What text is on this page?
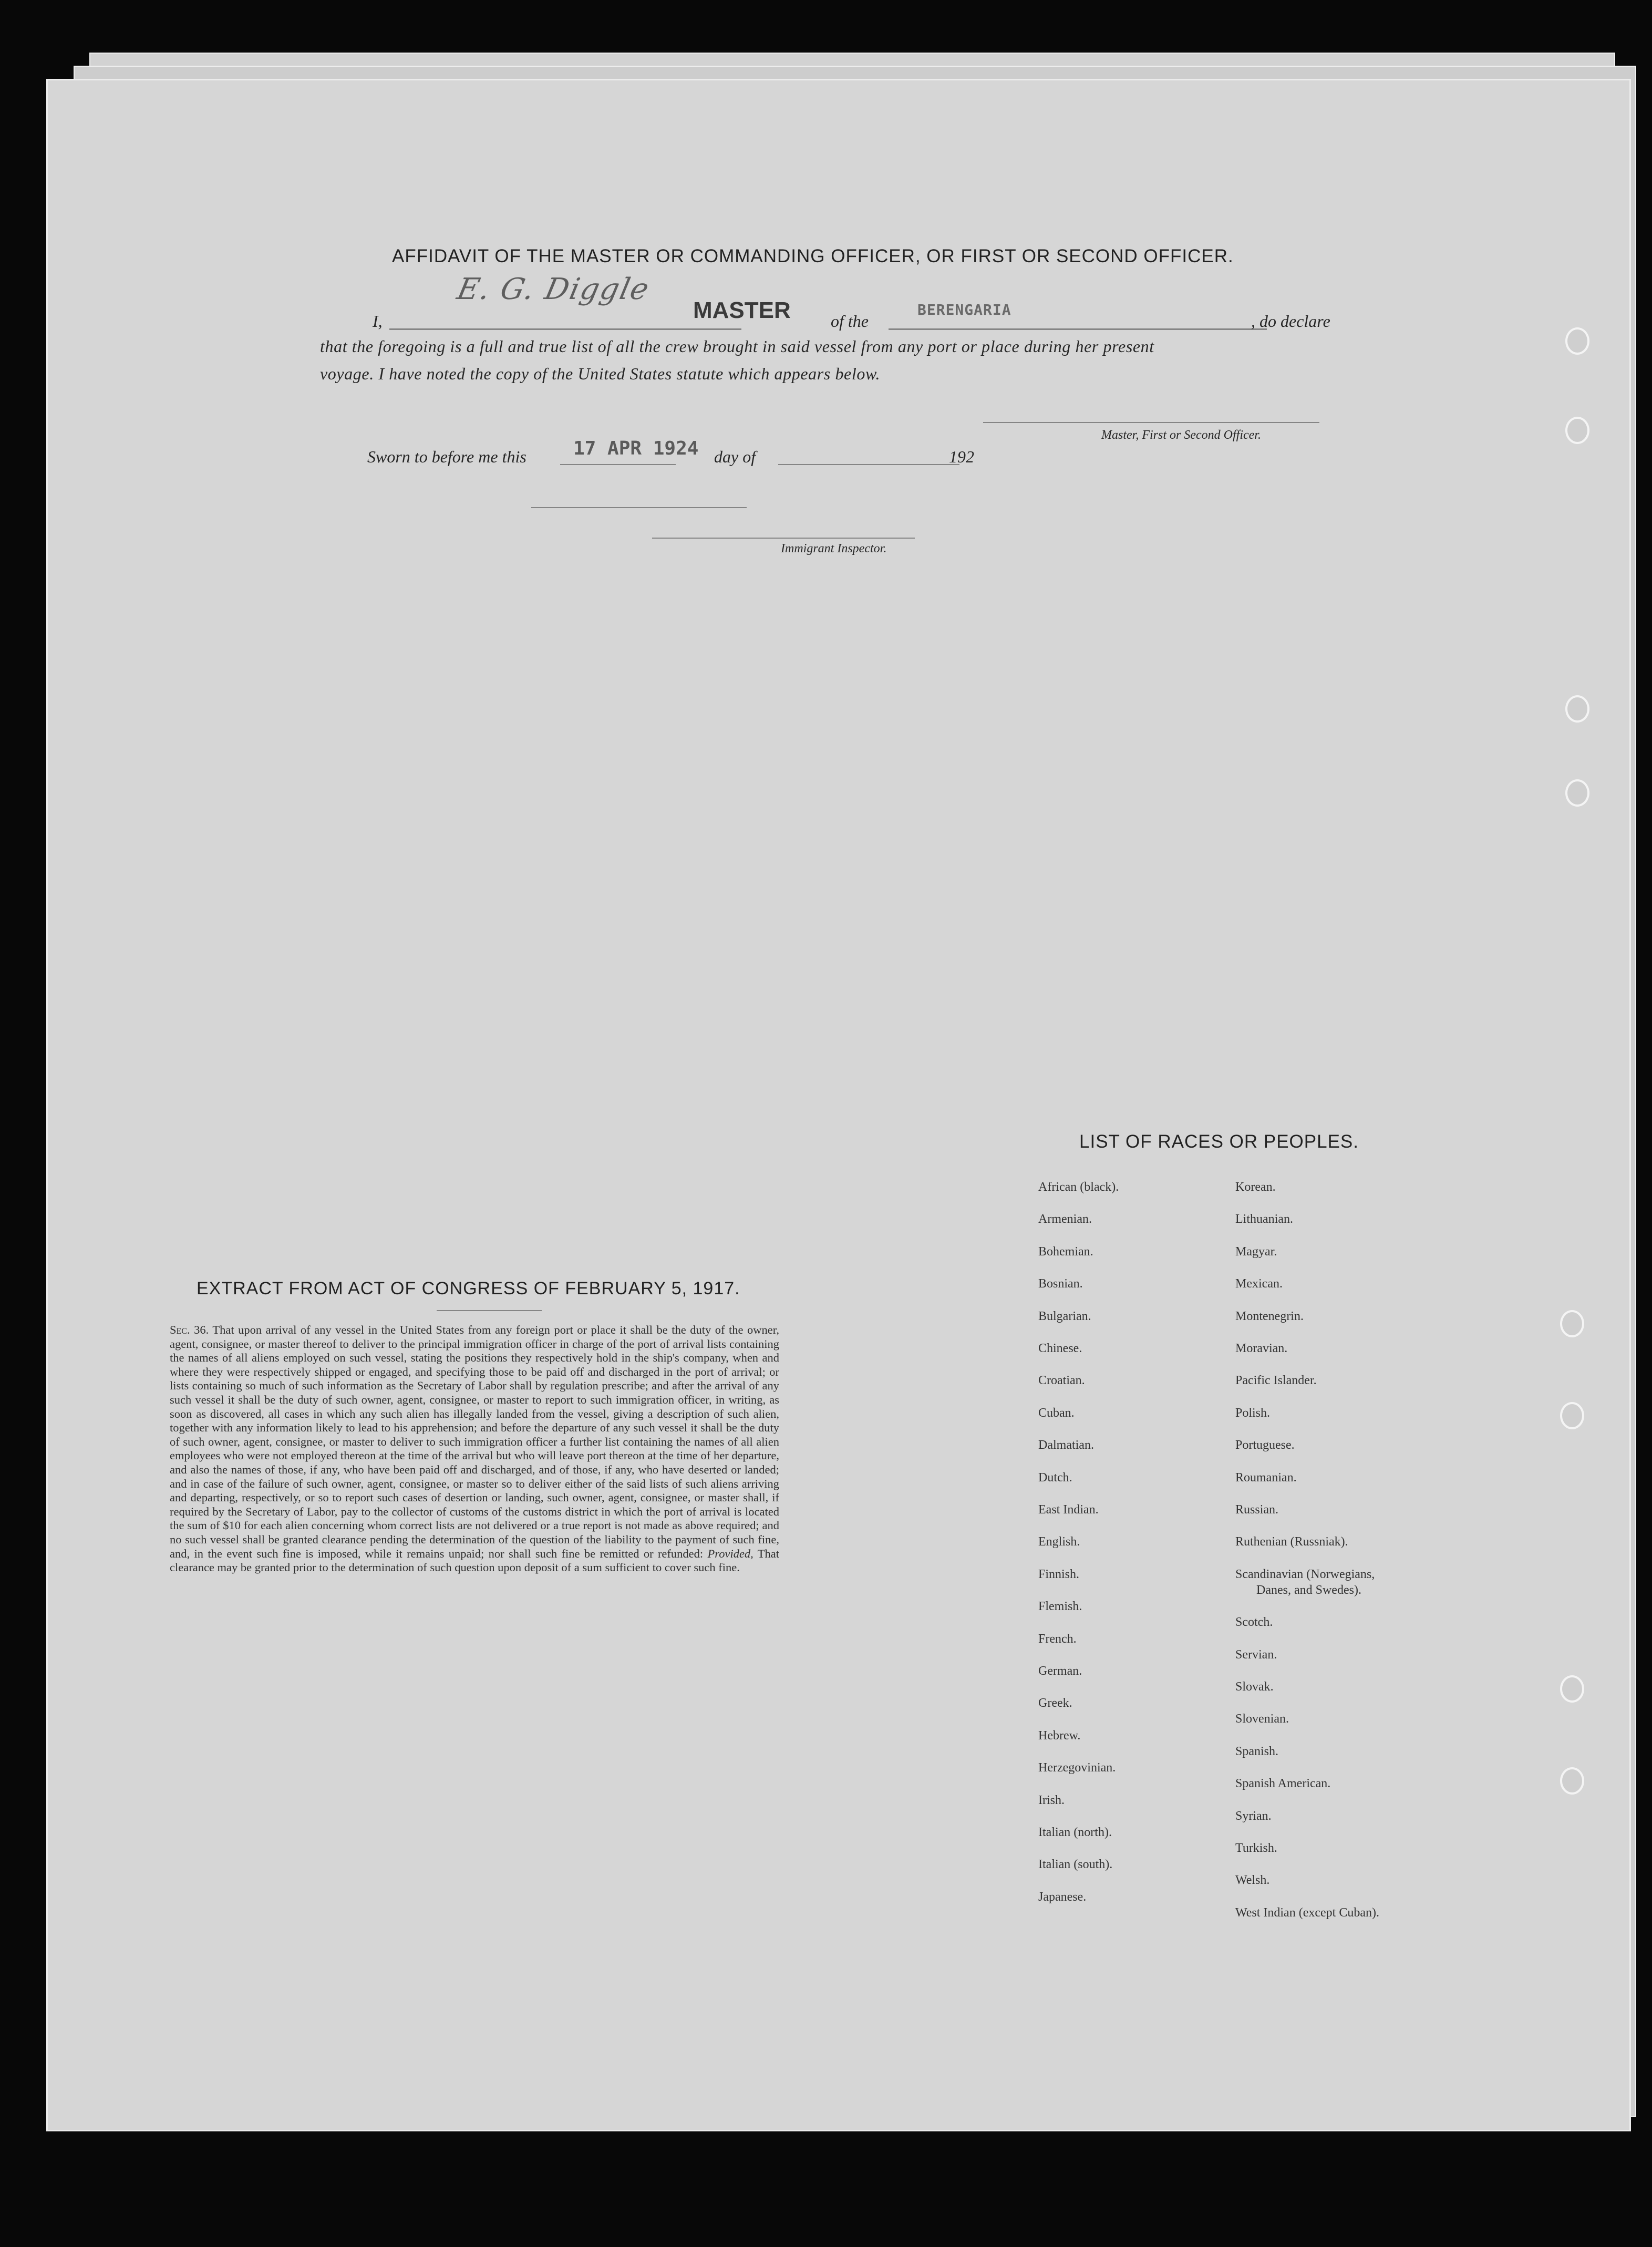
AFFIDAVIT OF THE MASTER OR COMMANDING OFFICER, OR FIRST OR SECOND OFFICER.
I,
E. G. Diggle
MASTER of the
BERENGARIA
, do declare
that the foregoing is a full and true list of all the crew brought in said vessel from any port or place during her present
voyage. I have noted the copy of the United States statute which appears below.
Master, First or Second Officer.
Sworn to before me this 17 APR 1924 day of	192
Immigrant Inspector.
EXTRACT FROM ACT OF CONGRESS OF FEBRUARY 5, 1917.
Sec. 36. That upon arrival of any vessel in the United States from any foreign port or place it shall be the duty of the owner, agent, consignee, or master thereof to deliver to the principal immigration officer in charge of the port of arrival lists containing the names of all aliens employed on such vessel, stating the positions they respectively hold in the ship's company, when and where they were respectively shipped or engaged, and specifying those to be paid off and discharged in the port of arrival; or lists containing so much of such information as the Secretary of Labor shall by regulation prescribe; and after the arrival of any such vessel it shall be the duty of such owner, agent, consignee, or master to report to such immigration officer, in writing, as soon as discovered, all cases in which any such alien has illegally landed from the vessel, giving a description of such alien, together with any information likely to lead to his apprehension; and before the departure of any such vessel it shall be the duty of such owner, agent, consignee, or master to deliver to such immigration officer a further list containing the names of all alien employees who were not employed thereon at the time of the arrival but who will leave port thereon at the time of her departure, and also the names of those, if any, who have been paid off and discharged, and of those, if any, who have deserted or landed; and in case of the failure of such owner, agent, consignee, or master so to deliver either of the said lists of such aliens arriving and departing, respectively, or so to report such cases of desertion or landing, such owner, agent, consignee, or master shall, if required by the Secretary of Labor, pay to the collector of customs of the customs district in which the port of arrival is located the sum of $10 for each alien concerning whom correct lists are not delivered or a true report is not made as above required; and no such vessel shall be granted clearance pending the determination of the question of the liability to the payment of such fine, and, in the event such fine is imposed, while it remains unpaid; nor shall such fine be remitted or refunded: Provided, That clearance may be granted prior to the determination of such question upon deposit of a sum sufficient to cover such fine.
LIST OF RACES OR PEOPLES.
African (black).
Armenian.
Bohemian.
Bosnian.
Bulgarian.
Chinese.
Croatian.
Cuban.
Dalmatian.
Dutch.
East Indian.
English.
Finnish.
Flemish.
French.
German.
Greek.
Hebrew.
Herzegovinian.
Irish.
Italian (north).
Italian (south).
Japanese.
Korean.
Lithuanian.
Magyar.
Mexican.
Montenegrin.
Moravian.
Pacific Islander.
Polish.
Portuguese.
Roumanian.
Russian.
Ruthenian (Russniak).
Scandinavian (Norwegians,
Danes, and Swedes).
Scotch.
Servian.
Slovak.
Slovenian.
Spanish.
Spanish American.
Syrian.
Turkish.
Welsh.
West Indian (except Cuban).
